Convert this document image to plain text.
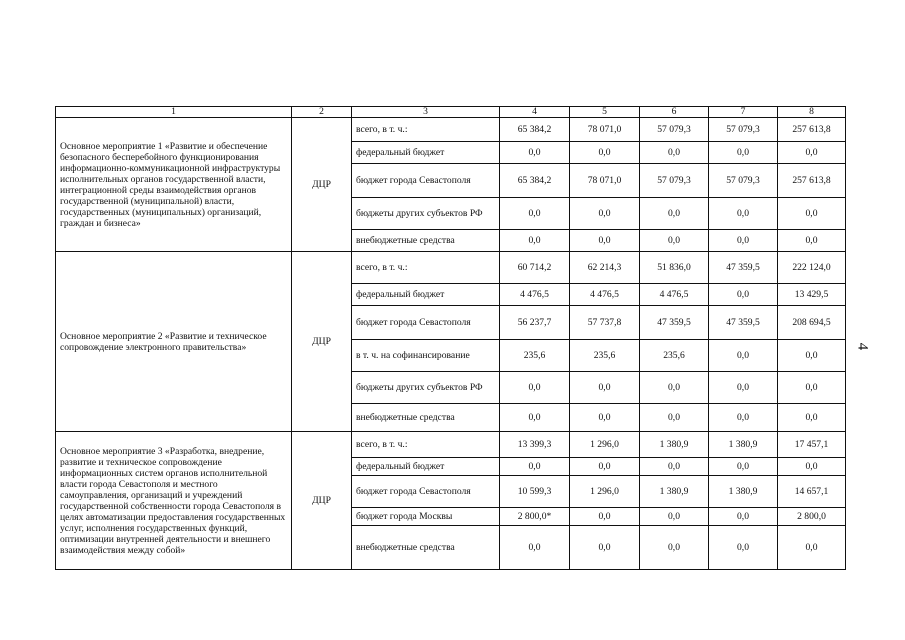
1	2	3	4	5	6	7	8
Основное мероприятие 1 «Развитие и обеспечение безопасного бесперебойного функционирования информационно-коммуникационной инфраструктуры исполнительных органов государственной власти, интеграционной среды взаимодействия органов государственной (муниципальной) власти, государственных (муниципальных) организаций, граждан и бизнеса»	ДЦР	всего, в т. ч.:	65 384,2	78 071,0	57 079,3	57 079,3	257 613,8
		федеральный бюджет	0,0	0,0	0,0	0,0	0,0
		бюджет города Севастополя	65 384,2	78 071,0	57 079,3	57 079,3	257 613,8
		бюджеты других субъектов РФ	0,0	0,0	0,0	0,0	0,0
		внебюджетные средства	0,0	0,0	0,0	0,0	0,0
Основное мероприятие 2 «Развитие и техническое сопровождение электронного правительства»	ДЦР	всего, в т. ч.:	60 714,2	62 214,3	51 836,0	47 359,5	222 124,0
		федеральный бюджет	4 476,5	4 476,5	4 476,5	0,0	13 429,5
		бюджет города Севастополя	56 237,7	57 737,8	47 359,5	47 359,5	208 694,5
		в т. ч. на софинансирование	235,6	235,6	235,6	0,0	0,0
		бюджеты других субъектов РФ	0,0	0,0	0,0	0,0	0,0
		внебюджетные средства	0,0	0,0	0,0	0,0	0,0
Основное мероприятие 3 «Разработка, внедрение, развитие и техническое сопровождение информационных систем органов исполнительной власти города Севастополя и местного самоуправления, организаций и учреждений государственной собственности города Севастополя в целях автоматизации предоставления государственных услуг, исполнения государственных функций, оптимизации внутренней деятельности и внешнего взаимодействия между собой»	ДЦР	всего, в т. ч.:	13 399,3	1 296,0	1 380,9	1 380,9	17 457,1
		федеральный бюджет	0,0	0,0	0,0	0,0	0,0
		бюджет города Севастополя	10 599,3	1 296,0	1 380,9	1 380,9	14 657,1
		бюджет города Москвы	2 800,0*	0,0	0,0	0,0	2 800,0
		внебюджетные средства	0,0	0,0	0,0	0,0	0,0
4
